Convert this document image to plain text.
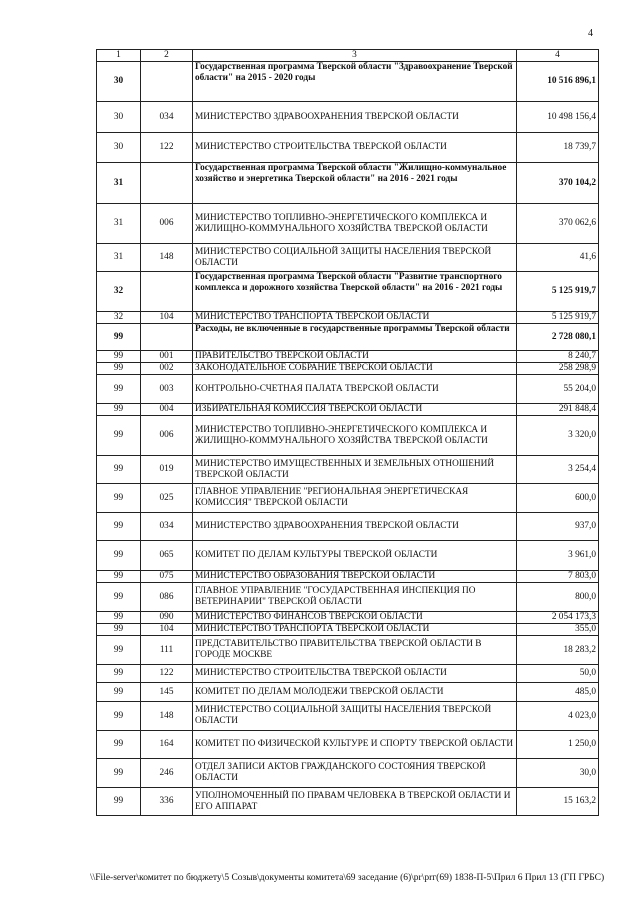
4
1	2	3	4
30		Государственная программа Тверской области "Здравоохранение Тверской области" на 2015 - 2020 годы	10 516 896,1
30	034	МИНИСТЕРСТВО ЗДРАВООХРАНЕНИЯ ТВЕРСКОЙ ОБЛАСТИ	10 498 156,4
30	122	МИНИСТЕРСТВО СТРОИТЕЛЬСТВА ТВЕРСКОЙ ОБЛАСТИ	18 739,7
31		Государственная программа Тверской области "Жилищно-коммунальное хозяйство и энергетика Тверской области" на 2016 - 2021 годы	370 104,2
31	006	МИНИСТЕРСТВО ТОПЛИВНО-ЭНЕРГЕТИЧЕСКОГО КОМПЛЕКСА И ЖИЛИЩНО-КОММУНАЛЬНОГО ХОЗЯЙСТВА ТВЕРСКОЙ ОБЛАСТИ	370 062,6
31	148	МИНИСТЕРСТВО СОЦИАЛЬНОЙ ЗАЩИТЫ НАСЕЛЕНИЯ ТВЕРСКОЙ ОБЛАСТИ	41,6
32		Государственная программа Тверской области "Развитие транспортного комплекса и дорожного хозяйства Тверской области" на 2016 - 2021 годы	5 125 919,7
32	104	МИНИСТЕРСТВО ТРАНСПОРТА ТВЕРСКОЙ ОБЛАСТИ	5 125 919,7
99		Расходы, не включенные в государственные программы Тверской области	2 728 080,1
99	001	ПРАВИТЕЛЬСТВО ТВЕРСКОЙ ОБЛАСТИ	8 240,7
99	002	ЗАКОНОДАТЕЛЬНОЕ СОБРАНИЕ ТВЕРСКОЙ ОБЛАСТИ	258 298,9
99	003	КОНТРОЛЬНО-СЧЕТНАЯ ПАЛАТА ТВЕРСКОЙ ОБЛАСТИ	55 204,0
99	004	ИЗБИРАТЕЛЬНАЯ КОМИССИЯ ТВЕРСКОЙ ОБЛАСТИ	291 848,4
99	006	МИНИСТЕРСТВО ТОПЛИВНО-ЭНЕРГЕТИЧЕСКОГО КОМПЛЕКСА И ЖИЛИЩНО-КОММУНАЛЬНОГО ХОЗЯЙСТВА ТВЕРСКОЙ ОБЛАСТИ	3 320,0
99	019	МИНИСТЕРСТВО ИМУЩЕСТВЕННЫХ И ЗЕМЕЛЬНЫХ ОТНОШЕНИЙ ТВЕРСКОЙ ОБЛАСТИ	3 254,4
99	025	ГЛАВНОЕ УПРАВЛЕНИЕ "РЕГИОНАЛЬНАЯ ЭНЕРГЕТИЧЕСКАЯ КОМИССИЯ" ТВЕРСКОЙ ОБЛАСТИ	600,0
99	034	МИНИСТЕРСТВО ЗДРАВООХРАНЕНИЯ ТВЕРСКОЙ ОБЛАСТИ	937,0
99	065	КОМИТЕТ ПО ДЕЛАМ КУЛЬТУРЫ ТВЕРСКОЙ ОБЛАСТИ	3 961,0
99	075	МИНИСТЕРСТВО ОБРАЗОВАНИЯ ТВЕРСКОЙ ОБЛАСТИ	7 803,0
99	086	ГЛАВНОЕ УПРАВЛЕНИЕ "ГОСУДАРСТВЕННАЯ ИНСПЕКЦИЯ ПО ВЕТЕРИНАРИИ" ТВЕРСКОЙ ОБЛАСТИ	800,0
99	090	МИНИСТЕРСТВО ФИНАНСОВ ТВЕРСКОЙ ОБЛАСТИ	2 054 173,3
99	104	МИНИСТЕРСТВО ТРАНСПОРТА ТВЕРСКОЙ ОБЛАСТИ	355,0
99	111	ПРЕДСТАВИТЕЛЬСТВО ПРАВИТЕЛЬСТВА ТВЕРСКОЙ ОБЛАСТИ В ГОРОДЕ МОСКВЕ	18 283,2
99	122	МИНИСТЕРСТВО СТРОИТЕЛЬСТВА ТВЕРСКОЙ ОБЛАСТИ	50,0
99	145	КОМИТЕТ ПО ДЕЛАМ МОЛОДЕЖИ ТВЕРСКОЙ ОБЛАСТИ	485,0
99	148	МИНИСТЕРСТВО СОЦИАЛЬНОЙ ЗАЩИТЫ НАСЕЛЕНИЯ ТВЕРСКОЙ ОБЛАСТИ	4 023,0
99	164	КОМИТЕТ ПО ФИЗИЧЕСКОЙ КУЛЬТУРЕ И СПОРТУ ТВЕРСКОЙ ОБЛАСТИ	1 250,0
99	246	ОТДЕЛ ЗАПИСИ АКТОВ ГРАЖДАНСКОГО СОСТОЯНИЯ ТВЕРСКОЙ ОБЛАСТИ	30,0
99	336	УПОЛНОМОЧЕННЫЙ ПО ПРАВАМ ЧЕЛОВЕКА В ТВЕРСКОЙ ОБЛАСТИ И ЕГО АППАРАТ	15 163,2
\\File-server\комитет по бюджету\5 Созыв\документы комитета\69 заседание (6)\pr\prг(69) 1838-П-5\Прил 6 Прил 13 (ГП ГРБС)
